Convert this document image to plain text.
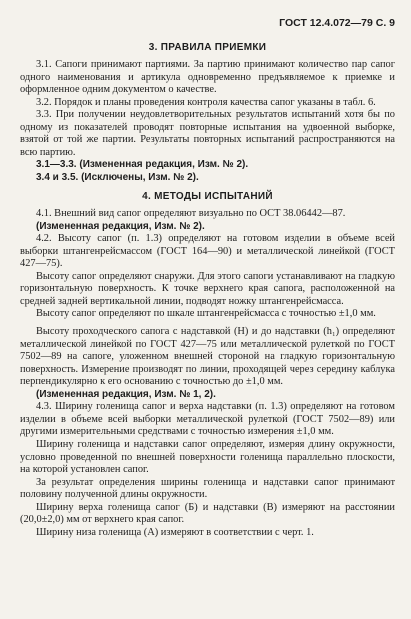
ГОСТ 12.4.072—79 С. 9
3. ПРАВИЛА ПРИЕМКИ

3.1. Сапоги принимают партиями. За партию принимают количество пар сапог одного наименования и артикула одновременно предъявляемое к приемке и оформленное одним документом о качестве.

3.2. Порядок и планы проведения контроля качества сапог указаны в табл. 6.

3.3. При получении неудовлетворительных результатов испытаний хотя бы по одному из показателей проводят повторные испытания на удвоенной выборке, взятой от той же партии. Результаты повторных испытаний распространяются на всю партию.

3.1—3.3. (Измененная редакция, Изм. № 2).

3.4 и 3.5. (Исключены, Изм. № 2).

4. МЕТОДЫ ИСПЫТАНИЙ

4.1. Внешний вид сапог определяют визуально по ОСТ 38.06442—87.

(Измененная редакция, Изм. № 2).

4.2. Высоту сапог (п. 1.3) определяют на готовом изделии в объеме всей выборки штангенрейсмассом (ГОСТ 164—90) и металлической линейкой (ГОСТ 427—75).

Высоту сапог определяют снаружи. Для этого сапоги устанавливают на гладкую горизонтальную поверхность. К точке верхнего края сапога, расположенной на средней задней вертикальной линии, подводят ножку штангенрейсмасса.

Высоту сапог определяют по шкале штангенрейсмасса с точностью ±1,0 мм.

Высоту проходческого сапога с надставкой (H) и до надставки (h₁) определяют металлической линейкой по ГОСТ 427—75 или металлической рулеткой по ГОСТ 7502—89 на сапоге, уложенном внешней стороной на гладкую горизонтальную поверхность. Измерение производят по линии, проходящей через середину каблука перпендикулярно к его основанию с точностью до ±1,0 мм.

(Измененная редакция, Изм. № 1, 2).

4.3. Ширину голенища сапог и верха надставки (п. 1.3) определяют на готовом изделии в объеме всей выборки металлической рулеткой (ГОСТ 7502—89) или другими измерительными средствами с точностью измерения ±1,0 мм.

Ширину голенища и надставки сапог определяют, измеряя длину окружности, условно проведенной по внешней поверхности голенища параллельно плоскости, на которой установлен сапог.

За результат определения ширины голенища и надставки сапог принимают половину полученной длины окружности.

Ширину верха голенища сапог (Б) и надставки (В) измеряют на расстоянии (20,0±2,0) мм от верхнего края сапог.

Ширину низа голенища (А) измеряют в соответствии с черт. 1.
